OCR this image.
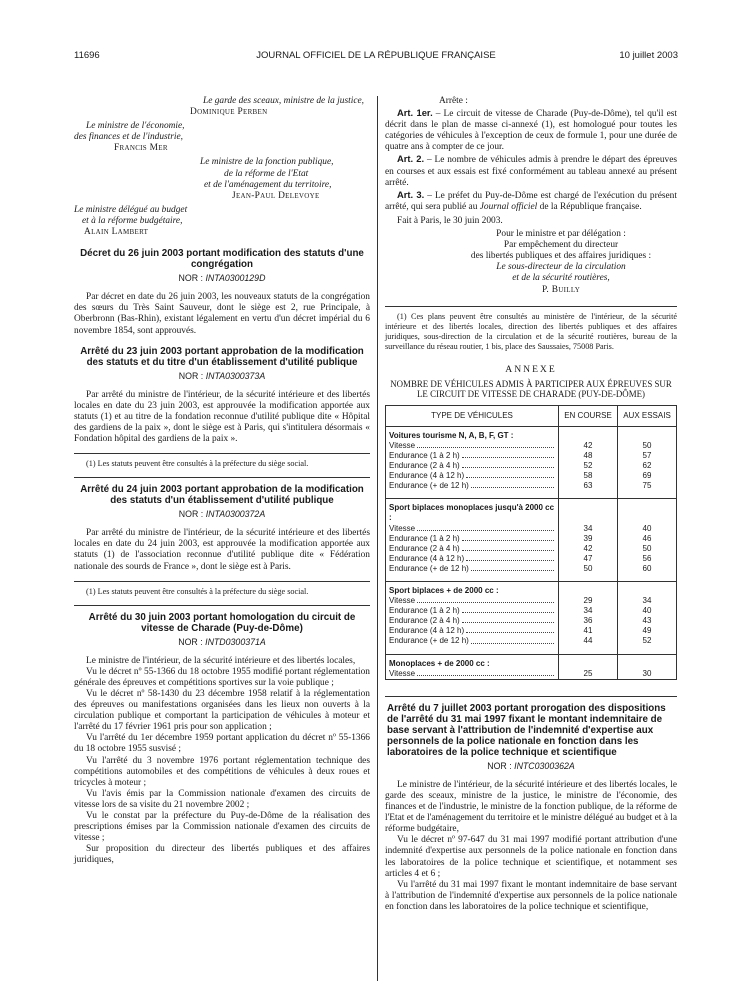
11696	JOURNAL OFFICIEL DE LA RÉPUBLIQUE FRANÇAISE	10 juillet 2003

Le garde des sceaux, ministre de la justice,

Dominique Perben

Le ministre de l'économie,

des finances et de l'industrie,

Francis Mer

Le ministre de la fonction publique,

de la réforme de l'Etat

et de l'aménagement du territoire,

Jean-Paul Delevoye

Le ministre délégué au budget

et à la réforme budgétaire,

Alain Lambert

Décret du 26 juin 2003 portant modification des statuts d'une congrégation
NOR : INTA0300129D

Par décret en date du 26 juin 2003, les nouveaux statuts de la congrégation des sœurs du Très Saint Sauveur, dont le siège est 2, rue Principale, à Oberbronn (Bas-Rhin), existant légalement en vertu d'un décret impérial du 6 novembre 1854, sont approuvés.

Arrêté du 23 juin 2003 portant approbation de la modification des statuts et du titre d'un établissement d'utilité publique
NOR : INTA0300373A

Par arrêté du ministre de l'intérieur, de la sécurité intérieure et des libertés locales en date du 23 juin 2003, est approuvée la modification apportée aux statuts (1) et au titre de la fondation reconnue d'utilité publique dite « Hôpital des gardiens de la paix », dont le siège est à Paris, qui s'intitulera désormais « Fondation hôpital des gardiens de la paix ».

(1) Les statuts peuvent être consultés à la préfecture du siège social.

Arrêté du 24 juin 2003 portant approbation de la modification des statuts d'un établissement d'utilité publique
NOR : INTA0300372A

Par arrêté du ministre de l'intérieur, de la sécurité intérieure et des libertés locales en date du 24 juin 2003, est approuvée la modification apportée aux statuts (1) de l'association reconnue d'utilité publique dite « Fédération nationale des sourds de France », dont le siège est à Paris.

(1) Les statuts peuvent être consultés à la préfecture du siège social.

Arrêté du 30 juin 2003 portant homologation du circuit de vitesse de Charade (Puy-de-Dôme)
NOR : INTD0300371A

Le ministre de l'intérieur, de la sécurité intérieure et des libertés locales,

Vu le décret nº 55-1366 du 18 octobre 1955 modifié portant réglementation générale des épreuves et compétitions sportives sur la voie publique ;

Vu le décret nº 58-1430 du 23 décembre 1958 relatif à la réglementation des épreuves ou manifestations organisées dans les lieux non ouverts à la circulation publique et comportant la participation de véhicules à moteur et l'arrêté du 17 février 1961 pris pour son application ;

Vu l'arrêté du 1er décembre 1959 portant application du décret nº 55-1366 du 18 octobre 1955 susvisé ;

Vu l'arrêté du 3 novembre 1976 portant réglementation technique des compétitions automobiles et des compétitions de véhicules à deux roues et tricycles à moteur ;

Vu l'avis émis par la Commission nationale d'examen des circuits de vitesse lors de sa visite du 21 novembre 2002 ;

Vu le constat par la préfecture du Puy-de-Dôme de la réalisation des prescriptions émises par la Commission nationale d'examen des circuits de vitesse ;

Sur proposition du directeur des libertés publiques et des affaires juridiques,

Arrête :

Art. 1er. – Le circuit de vitesse de Charade (Puy-de-Dôme), tel qu'il est décrit dans le plan de masse ci-annexé (1), est homologué pour toutes les catégories de véhicules à l'exception de ceux de formule 1, pour une durée de quatre ans à compter de ce jour.

Art. 2. – Le nombre de véhicules admis à prendre le départ des épreuves en courses et aux essais est fixé conformément au tableau annexé au présent arrêté.

Art. 3. – Le préfet du Puy-de-Dôme est chargé de l'exécution du présent arrêté, qui sera publié au Journal officiel de la République française.

Fait à Paris, le 30 juin 2003.

Pour le ministre et par délégation :

Par empêchement du directeur

des libertés publiques et des affaires juridiques :

Le sous-directeur de la circulation

et de la sécurité routières,

P. Builly

(1) Ces plans peuvent être consultés au ministère de l'intérieur, de la sécurité intérieure et des libertés locales, direction des libertés publiques et des affaires juridiques, sous-direction de la circulation et de la sécurité routières, bureau de la surveillance du réseau routier, 1 bis, place des Saussaies, 75008 Paris.

ANNEXE
NOMBRE DE VÉHICULES ADMIS À PARTICIPER AUX ÉPREUVES SUR LE CIRCUIT DE VITESSE DE CHARADE (PUY-DE-DÔME)
TYPE DE VÉHICULES	EN COURSE	AUX ESSAIS
Voitures tourisme N, A, B, F, GT :		

Vitesse	42	50

Endurance (1 à 2 h)	48	57

Endurance (2 à 4 h)	52	62

Endurance (4 à 12 h)	58	69

Endurance (+ de 12 h)	63	75

Sport biplaces monoplaces jusqu'à 2000 cc :		

Vitesse	34	40

Endurance (1 à 2 h)	39	46

Endurance (2 à 4 h)	42	50

Endurance (4 à 12 h)	47	56

Endurance (+ de 12 h)	50	60

Sport biplaces + de 2000 cc :		

Vitesse	29	34

Endurance (1 à 2 h)	34	40

Endurance (2 à 4 h)	36	43

Endurance (4 à 12 h)	41	49

Endurance (+ de 12 h)	44	52

Monoplaces + de 2000 cc :		

Vitesse	25	30
Arrêté du 7 juillet 2003 portant prorogation des dispositions de l'arrêté du 31 mai 1997 fixant le montant indemnitaire de base servant à l'attribution de l'indemnité d'expertise aux personnels de la police nationale en fonction dans les laboratoires de la police technique et scientifique
NOR : INTC0300362A

Le ministre de l'intérieur, de la sécurité intérieure et des libertés locales, le garde des sceaux, ministre de la justice, le ministre de l'économie, des finances et de l'industrie, le ministre de la fonction publique, de la réforme de l'Etat et de l'aménagement du territoire et le ministre délégué au budget et à la réforme budgétaire,

Vu le décret nº 97-647 du 31 mai 1997 modifié portant attribution d'une indemnité d'expertise aux personnels de la police nationale en fonction dans les laboratoires de la police technique et scientifique, et notamment ses articles 4 et 6 ;

Vu l'arrêté du 31 mai 1997 fixant le montant indemnitaire de base servant à l'attribution de l'indemnité d'expertise aux personnels de la police nationale en fonction dans les laboratoires de la police technique et scientifique,
